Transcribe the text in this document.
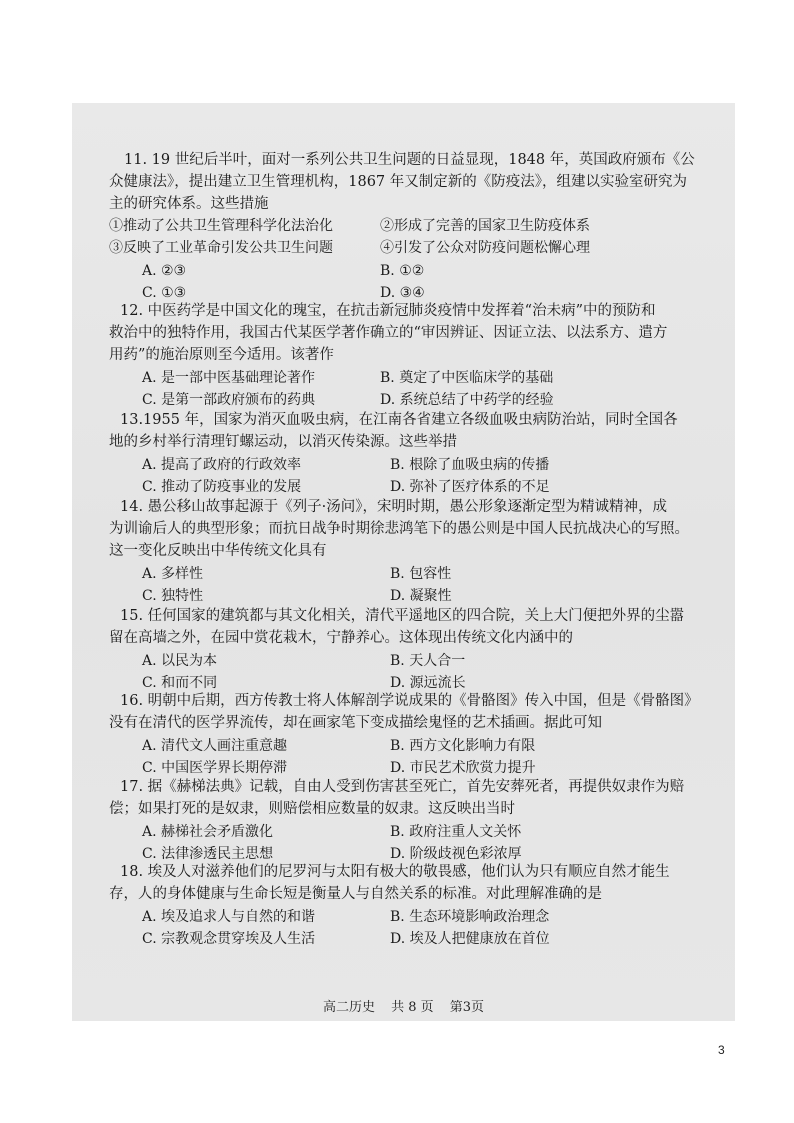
11. 19 世纪后半叶，面对一系列公共卫生问题的日益显现，1848 年，英国政府颁布《公
众健康法》，提出建立卫生管理机构，1867 年又制定新的《防疫法》，组建以实验室研究为
主的研究体系。这些措施
①推动了公共卫生管理科学化法治化	②形成了完善的国家卫生防疫体系
③反映了工业革命引发公共卫生问题	④引发了公众对防疫问题松懈心理
A. ②③	B. ①②
C. ①③	D. ③④
12. 中医药学是中国文化的瑰宝，在抗击新冠肺炎疫情中发挥着“治未病”中的预防和
救治中的独特作用，我国古代某医学著作确立的“审因辨证、因证立法、以法系方、遣方
用药”的施治原则至今适用。该著作
A. 是一部中医基础理论著作	B. 奠定了中医临床学的基础
C. 是第一部政府颁布的药典	D. 系统总结了中药学的经验
13.1955 年，国家为消灭血吸虫病，在江南各省建立各级血吸虫病防治站，同时全国各
地的乡村举行清理钉螺运动，以消灭传染源。这些举措
A. 提高了政府的行政效率	B. 根除了血吸虫病的传播
C. 推动了防疫事业的发展	D. 弥补了医疗体系的不足
14. 愚公移山故事起源于《列子·汤问》，宋明时期，愚公形象逐渐定型为精诚精神，成
为训谕后人的典型形象；而抗日战争时期徐悲鸿笔下的愚公则是中国人民抗战决心的写照。
这一变化反映出中华传统文化具有
A. 多样性	B. 包容性
C. 独特性	D. 凝聚性
15. 任何国家的建筑都与其文化相关，清代平遥地区的四合院，关上大门便把外界的尘嚣
留在高墙之外，在园中赏花栽木，宁静养心。这体现出传统文化内涵中的
A. 以民为本	B. 天人合一
C. 和而不同	D. 源远流长
16. 明朝中后期，西方传教士将人体解剖学说成果的《骨骼图》传入中国，但是《骨骼图》
没有在清代的医学界流传，却在画家笔下变成描绘鬼怪的艺术插画。据此可知
A. 清代文人画注重意趣	B. 西方文化影响力有限
C. 中国医学界长期停滞	D. 市民艺术欣赏力提升
17. 据《赫梯法典》记载，自由人受到伤害甚至死亡，首先安葬死者，再提供奴隶作为赔
偿；如果打死的是奴隶，则赔偿相应数量的奴隶。这反映出当时
A. 赫梯社会矛盾激化	B. 政府注重人文关怀
C. 法律渗透民主思想	D. 阶级歧视色彩浓厚
18. 埃及人对滋养他们的尼罗河与太阳有极大的敬畏感，他们认为只有顺应自然才能生
存，人的身体健康与生命长短是衡量人与自然关系的标准。对此理解准确的是
A. 埃及追求人与自然的和谐	B. 生态环境影响政治理念
C. 宗教观念贯穿埃及人生活	D. 埃及人把健康放在首位
高二历史 共 8 页 第3页
3
